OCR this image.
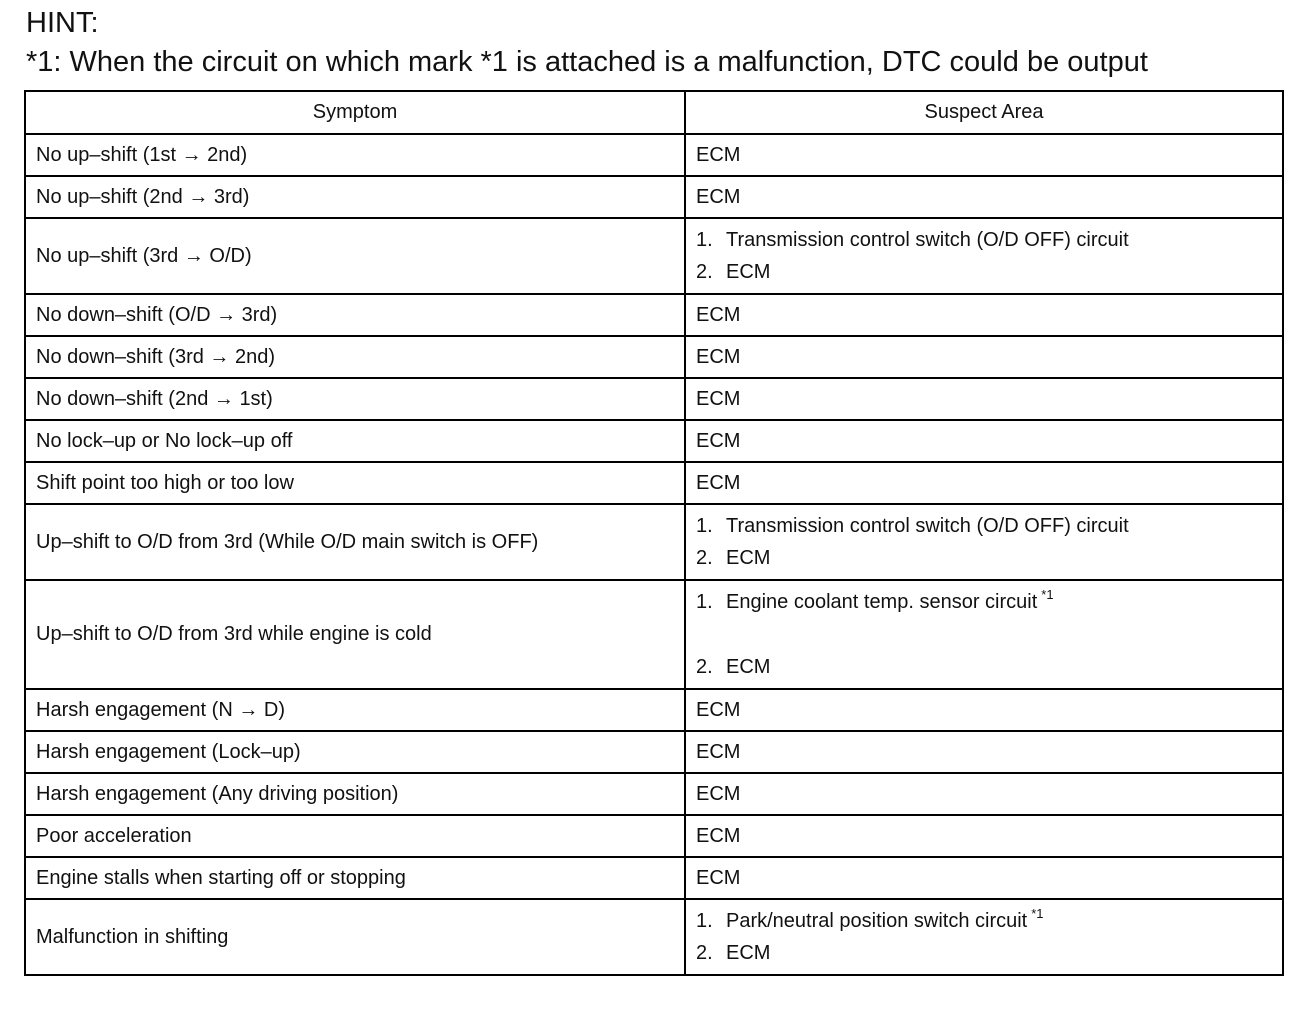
HINT:
*1: When the circuit on which mark *1 is attached is a malfunction, DTC could be output
Symptom	Suspect Area
No up–shift (1st → 2nd)	ECM
No up–shift (2nd → 3rd)	ECM
No up–shift (3rd → O/D)	1. Transmission control switch (O/D OFF) circuit
2. ECM

No down–shift (O/D → 3rd)	ECM
No down–shift (3rd → 2nd)	ECM
No down–shift (2nd → 1st)	ECM
No lock–up or No lock–up off	ECM
Shift point too high or too low	ECM
Up–shift to O/D from 3rd (While O/D main switch is OFF)	1. Transmission control switch (O/D OFF) circuit
2. ECM

Up–shift to O/D from 3rd while engine is cold	1. Engine coolant temp. sensor circuit $^{*1}$
2. ECM

Harsh engagement (N → D)	ECM
Harsh engagement (Lock–up)	ECM
Harsh engagement (Any driving position)	ECM
Poor acceleration	ECM
Engine stalls when starting off or stopping	ECM
Malfunction in shifting	1. Park/neutral position switch circuit $^{*1}$
2. ECM
